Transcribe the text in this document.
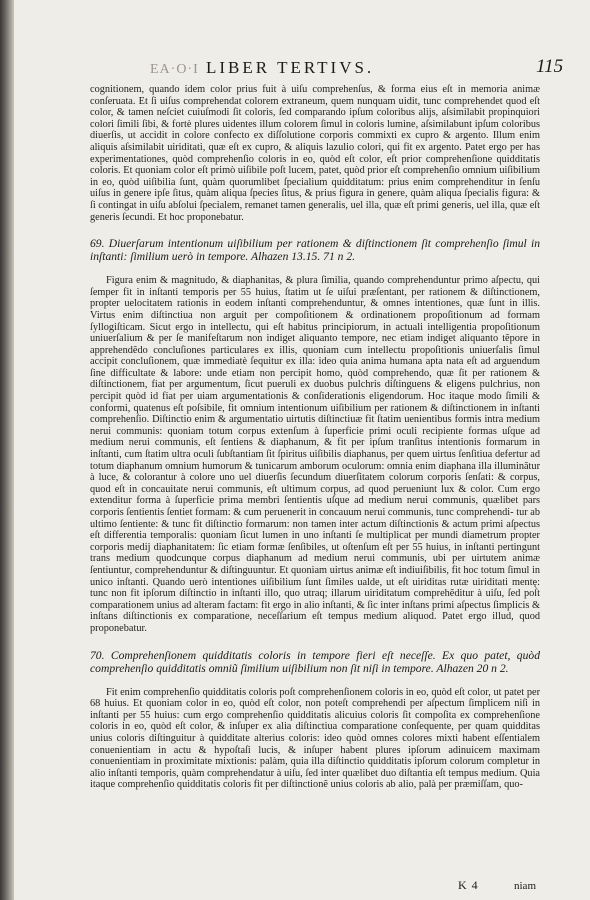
EA·O·I LIBER TERTIVS.	115

cognitionem, quando idem color prius fuit à uiſu comprehenſus, & forma eius eſt in memoria animæ conſeruata. Et ſi uiſus comprehendat colorem extraneum, quem nunquam uidit, tunc comprehendet quod eſt color, & tamen neſciet cuiuſmodi ſit coloris, ſed comparando ipſum coloribus alijs, aſsimilabit propinquiori colori ſimili ſibi, & fortè plures uidentes illum colorem ſimul in coloris lumine, aſsimilabunt ipſum coloribus diuerſis, ut accidit in colore confecto ex diſſolutione corporis commixti ex cupro & argento. Illum enim aliquis aſsimilabit uiriditati, quæ eſt ex cupro, & aliquis lazulio colori, qui fit ex argento. Patet ergo per has experimentationes, quòd comprehenſio coloris in eo, quòd eſt color, eſt prior comprehenſione quidditatis coloris. Et quoniam color eſt primò uiſibile poſt lucem, patet, quòd prior eſt comprehenſio omnium uiſibilium in eo, quòd uiſibilia ſunt, quàm quorumlibet ſpecialium quidditatum: prius enim comprehenditur in ſenſu uiſus in genere ipſe ſitus, quàm aliqua ſpecies ſitus, & prius figura in genere, quàm aliqua ſpecialis figura: & ſi contingat in uiſu abſolui ſpecialem, remanet tamen generalis, uel illa, quæ eſt primi generis, uel illa, quæ eſt generis ſecundi. Et hoc proponebatur.

69. Diuerſarum intentionum uiſibilium per rationem & diſtinctionem ſit comprehenſio ſimul in inſtanti: ſimilium uerò in tempore. Alhazen 13.15. 71 n 2.

Figura enim & magnitudo, & diaphanitas, & plura ſimilia, quando comprehenduntur primo aſpectu, qui ſemper fit in inſtanti temporis per 55 huius, ſtatim ut ſe uiſui præſentant, per rationem & diſtinctionem, propter uelocitatem rationis in eodem inſtanti comprehenduntur, & omnes intentiones, quæ ſunt in illis. Virtus enim diſtinctiua non arguit per compoſitionem & ordinationem propoſitionum ad formam ſyllogiſticam. Sicut ergo in intellectu, qui eſt habitus principiorum, in actuali intelligentia propoſitionum uniuerſalium & per ſe manifeſtarum non indiget aliquanto tempore, nec etiam indiget aliquanto tẽpore in apprehendẽdo concluſiones particulares ex illis, quoniam cum intellectu propoſitionis uniuerſalis ſimul accipit concluſionem, quæ immediatè ſequitur ex illa: ideo quia anima humana apta nata eſt ad arguendum ſine difficultate & labore: unde etiam non percipit homo, quòd comprehendo, quæ ſit per rationem & diſtinctionem, fiat per argumentum, ſicut pueruli ex duobus pulchris diſtinguens & eligens pulchrius, non percipit quòd id fiat per uiam argumentationis & conſiderationis eligendorum. Hoc itaque modo ſimili & conformi, quatenus eſt poſsibile, fit omnium intentionum uiſibilium per rationem & diſtinctionem in inſtanti comprehenſio. Diſtinctio enim & argumentatio uirtutis diſtinctiuæ fit ſtatim uenientibus formis intra medium nerui communis: quoniam totum corpus extenſum à ſuperficie primi oculi recipiente formas uſque ad medium nerui communis, eſt ſentiens & diaphanum, & fit per ipſum tranſitus intentionis formarum in inſtanti, cum ſtatim ultra oculi ſubſtantiam ſit ſpiritus uiſibilis diaphanus, per quem uirtus ſenſitiua defertur ad totum diaphanum omnium humorum & tunicarum amborum oculorum: omnia enim diaphana illa illuminãtur à luce, & colorantur à colore uno uel diuerſis ſecundum diuerſitatem colorum corporis ſenſati: & corpus, quod eſt in concauitate nerui communis, eſt ultimum corpus, ad quod perueniunt lux & color. Cum ergo extenditur forma à ſuperficie prima membri ſentientis uſque ad medium nerui communis, quælibet pars corporis ſentientis ſentiet formam: & cum peruenerit in concauum nerui communis, tunc comprehendi- tur ab ultimo ſentiente: & tunc fit diſtinctio formarum: non tamen inter actum diſtinctionis & actum primi aſpectus eſt differentia temporalis: quoniam ſicut lumen in uno inſtanti ſe multiplicat per mundi diametrum propter corporis medij diaphanitatem: ſic etiam formæ ſenſibiles, ut oſtenſum eſt per 55 huius, in inſtanti pertingunt trans medium quodcunque corpus diaphanum ad medium nerui communis, ubi per uirtutem animæ ſentiuntur, comprehenduntur & diſtinguuntur. Et quoniam uirtus animæ eſt indiuiſibilis, fit hoc totum ſimul in unico inſtanti. Quando uerò intentiones uiſibilium ſunt ſimiles ualde, ut eſt uiriditas rutæ uiriditati mentę: tunc non fit ipſorum diſtinctio in inſtanti illo, quo utraq; illarum uiriditatum comprehẽditur à uiſu, ſed poſt comparationem unius ad alteram factam: fit ergo in alio inſtanti, & ſic inter inſtans primi aſpectus ſimplicis & inſtans diſtinctionis ex comparatione, neceſſarium eſt tempus medium aliquod. Patet ergo illud, quod proponebatur.

70. Comprehenſionem quidditatis coloris in tempore fieri eſt neceſſe. Ex quo patet, quòd comprehenſio quidditatis omniũ ſimilium uiſibilium non ſit niſi in tempore. Alhazen 20 n 2.

Fit enim comprehenſio quidditatis coloris poſt comprehenſionem coloris in eo, quòd eſt color, ut patet per 68 huius. Et quoniam color in eo, quòd eſt color, non poteſt comprehendi per aſpectum ſimplicem niſi in inſtanti per 55 huius: cum ergo comprehenſio quidditatis alicuius coloris ſit compoſita ex comprehenſione coloris in eo, quòd eſt color, & inſuper ex alia diſtinctiua comparatione conſequente, per quam quidditas unius coloris diſtinguitur à quidditate alterius coloris: ideo quòd omnes colores mixti habent eſſentialem conuenientiam in actu & hypoſtaſi lucis, & inſuper habent plures ipſorum adinuicem maximam conuenientiam in proximitate mixtionis: palàm, quia illa diſtinctio quidditatis ipſorum colorum completur in alio inſtanti temporis, quàm comprehendatur à uiſu, ſed inter quælibet duo diſtantia eſt tempus medium. Quia itaque comprehenſio quidditatis coloris fit per diſtinctionẽ unius coloris ab alio, palà per præmiſſam, quo-

K 4	niam
